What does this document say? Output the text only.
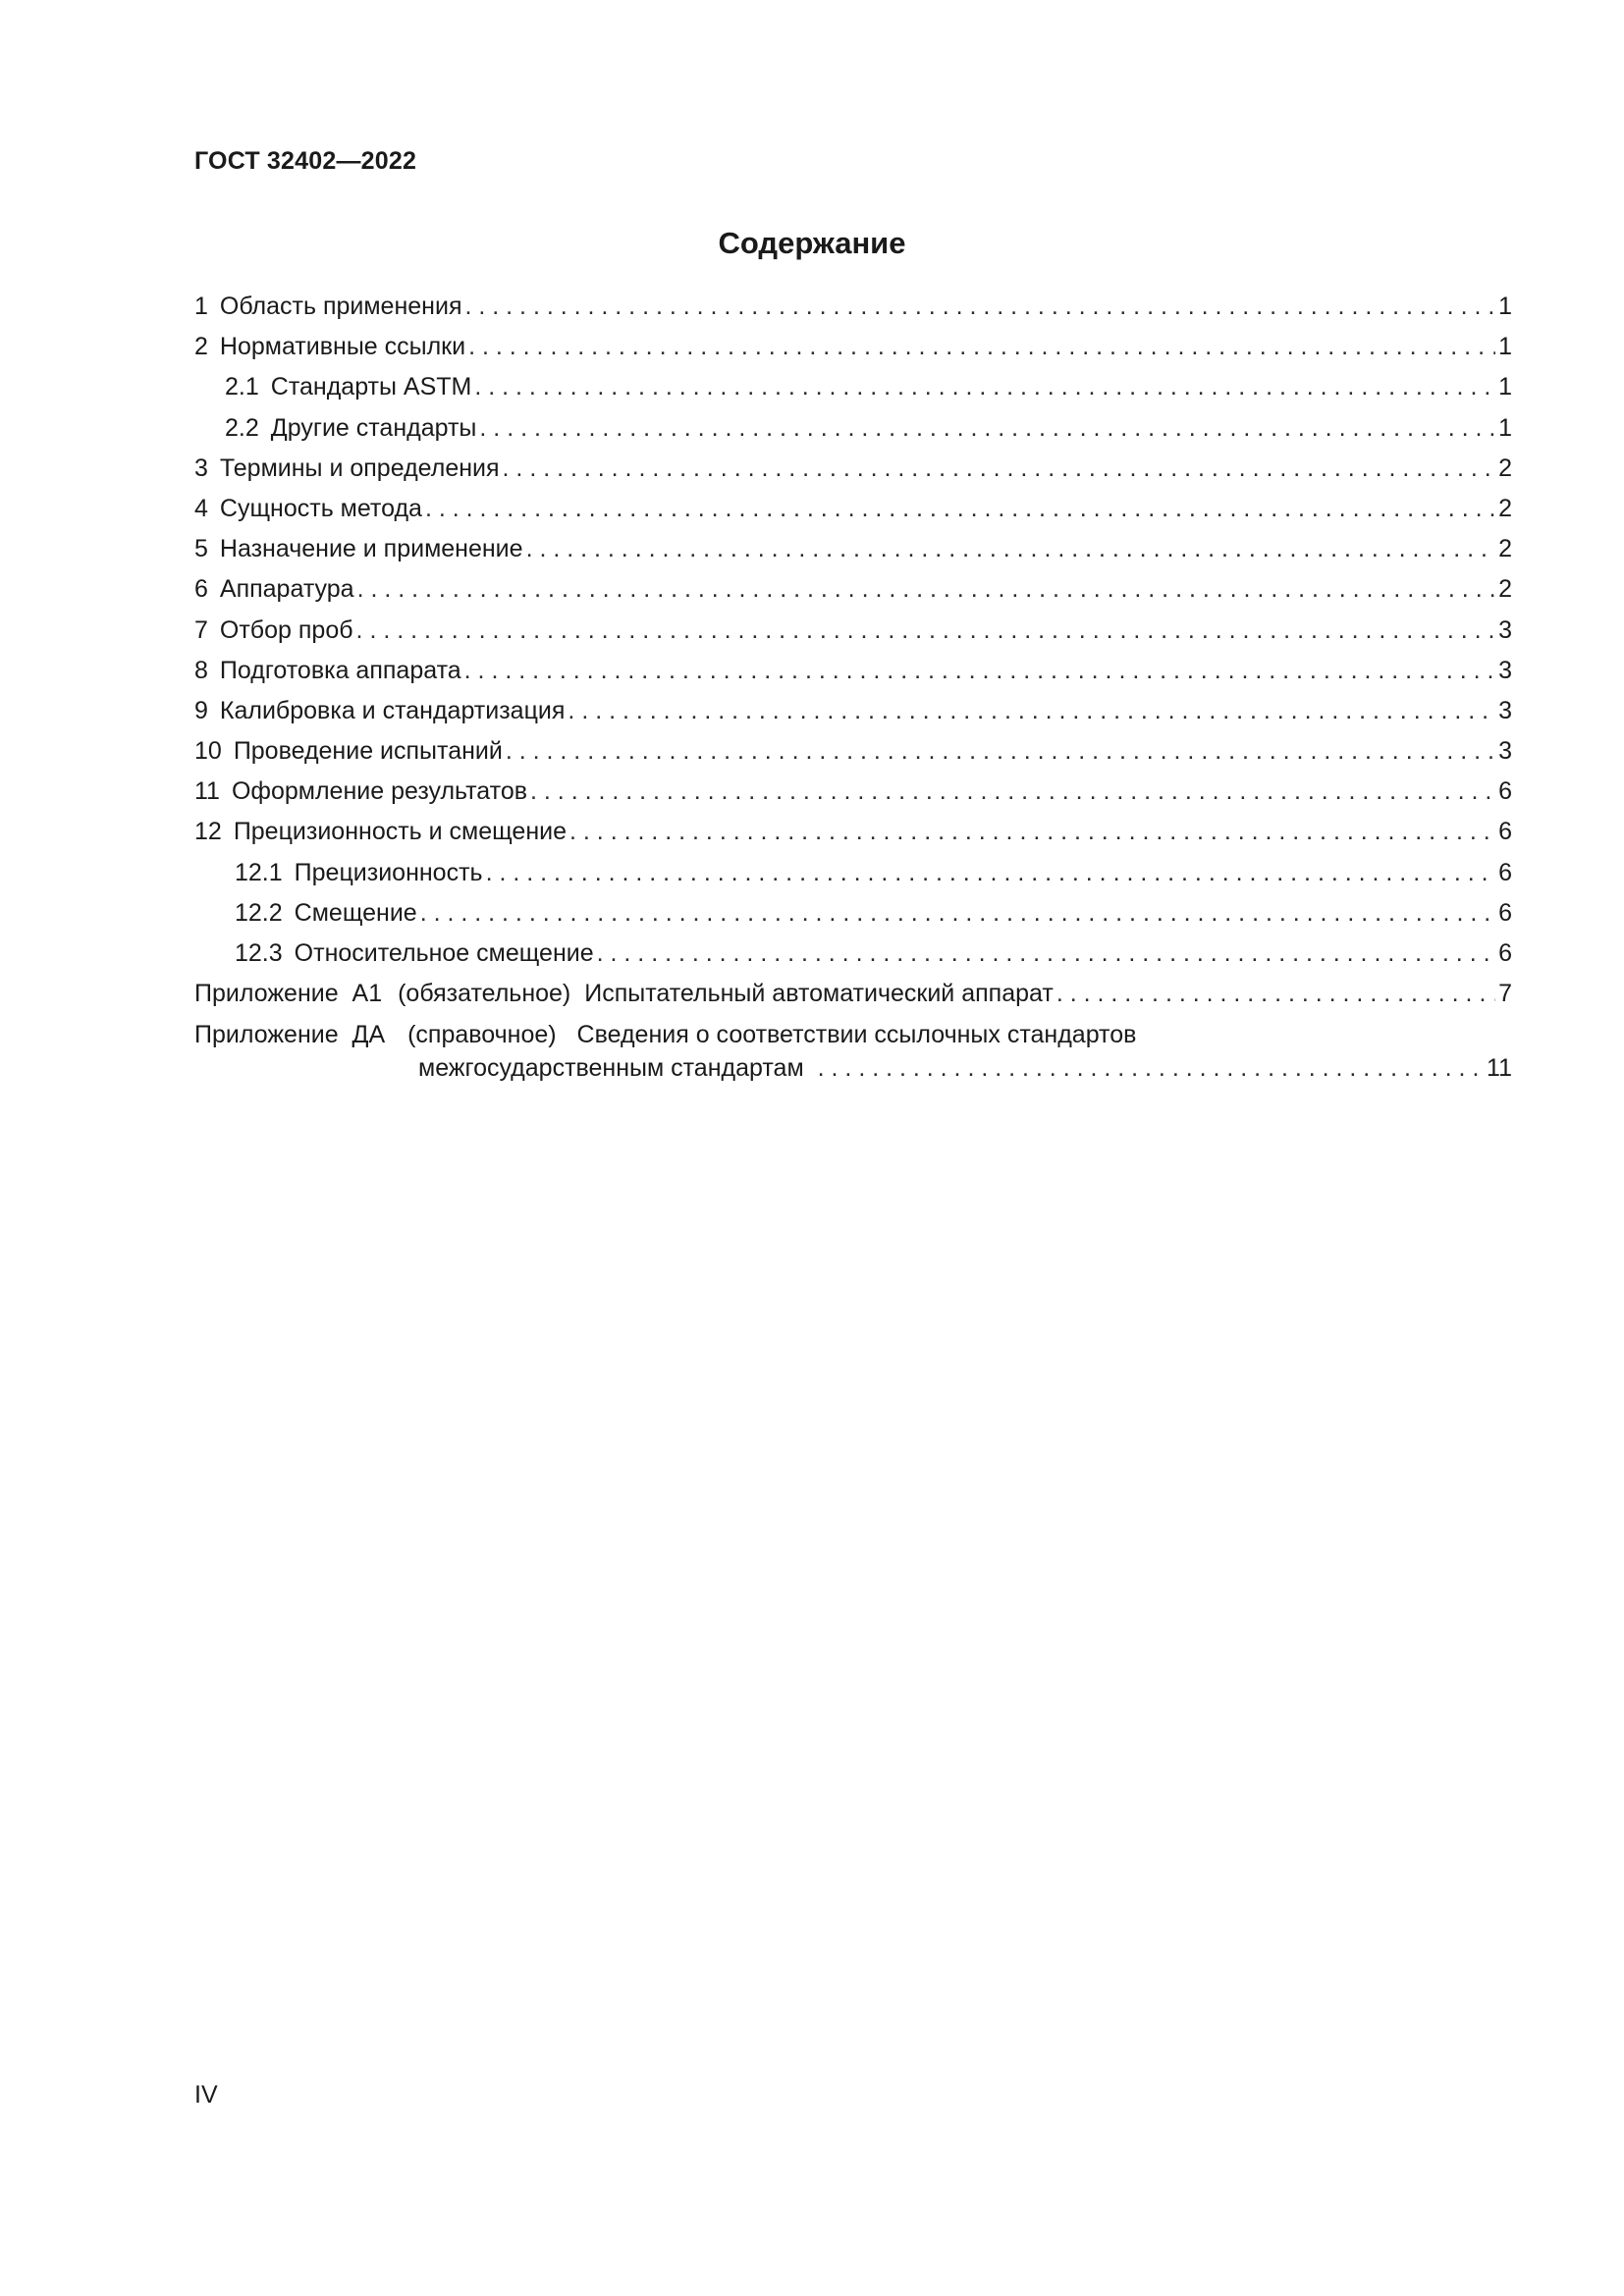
ГОСТ 32402—2022
Содержание
1 Область применения . . .	1
2 Нормативные ссылки . . .	1
2.1 Стандарты ASTM . . .	1
2.2 Другие стандарты . . .	1
3 Термины и определения . . .	2
4 Сущность метода . . .	2
5 Назначение и применение . . .	2
6 Аппаратура . . .	2
7 Отбор проб . . .	3
8 Подготовка аппарата . . .	3
9 Калибровка и стандартизация . . .	3
10 Проведение испытаний . . .	3
11 Оформление результатов . . .	6
12 Прецизионность и смещение . . .	6
12.1 Прецизионность . . .	6
12.2 Смещение . . .	6
12.3 Относительное смещение . . .	6
Приложение  А1 (обязательное) Испытательный автоматический аппарат . . .	7
Приложение  ДА (справочное) Сведения о соответствии ссылочных стандартов
межгосударственным стандартам . . .	11
IV
